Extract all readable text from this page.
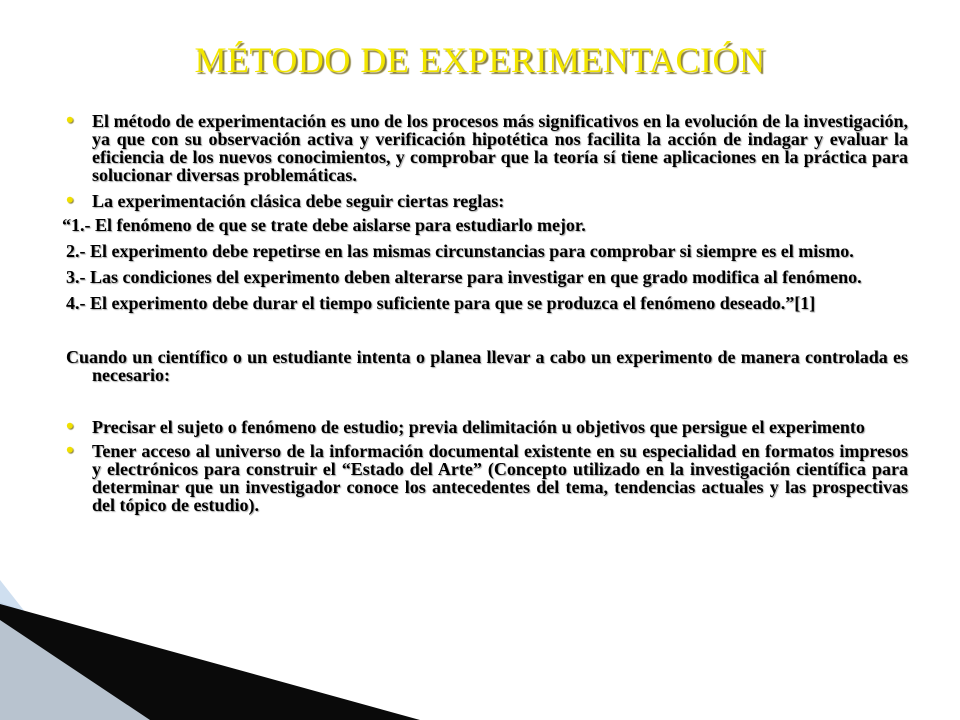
MÉTODO DE EXPERIMENTACIÓN
• El método de experimentación es uno de los procesos más significativos en la evolución de la investigación, ya que con su observación activa y verificación hipotética nos facilita la acción de indagar y evaluar la eficiencia de los nuevos conocimientos, y comprobar que la teoría sí tiene aplicaciones en la práctica para solucionar diversas problemáticas.
• La experimentación clásica debe seguir ciertas reglas:
“1.- El fenómeno de que se trate debe aislarse para estudiarlo mejor.
2.- El experimento debe repetirse en las mismas circunstancias para comprobar si siempre es el mismo.
3.- Las condiciones del experimento deben alterarse para investigar en que grado modifica al fenómeno.
4.- El experimento debe durar el tiempo suficiente para que se produzca el fenómeno deseado.”[1]
Cuando un científico o un estudiante intenta o planea llevar a cabo un experimento de manera controlada es necesario:
• Precisar el sujeto o fenómeno de estudio; previa delimitación u objetivos que persigue el experimento
• Tener acceso al universo de la información documental existente en su especialidad en formatos impresos y electrónicos para construir el “Estado del Arte” (Concepto utilizado en la investigación científica para determinar que un investigador conoce los antecedentes del tema, tendencias actuales y las prospectivas del tópico de estudio).
